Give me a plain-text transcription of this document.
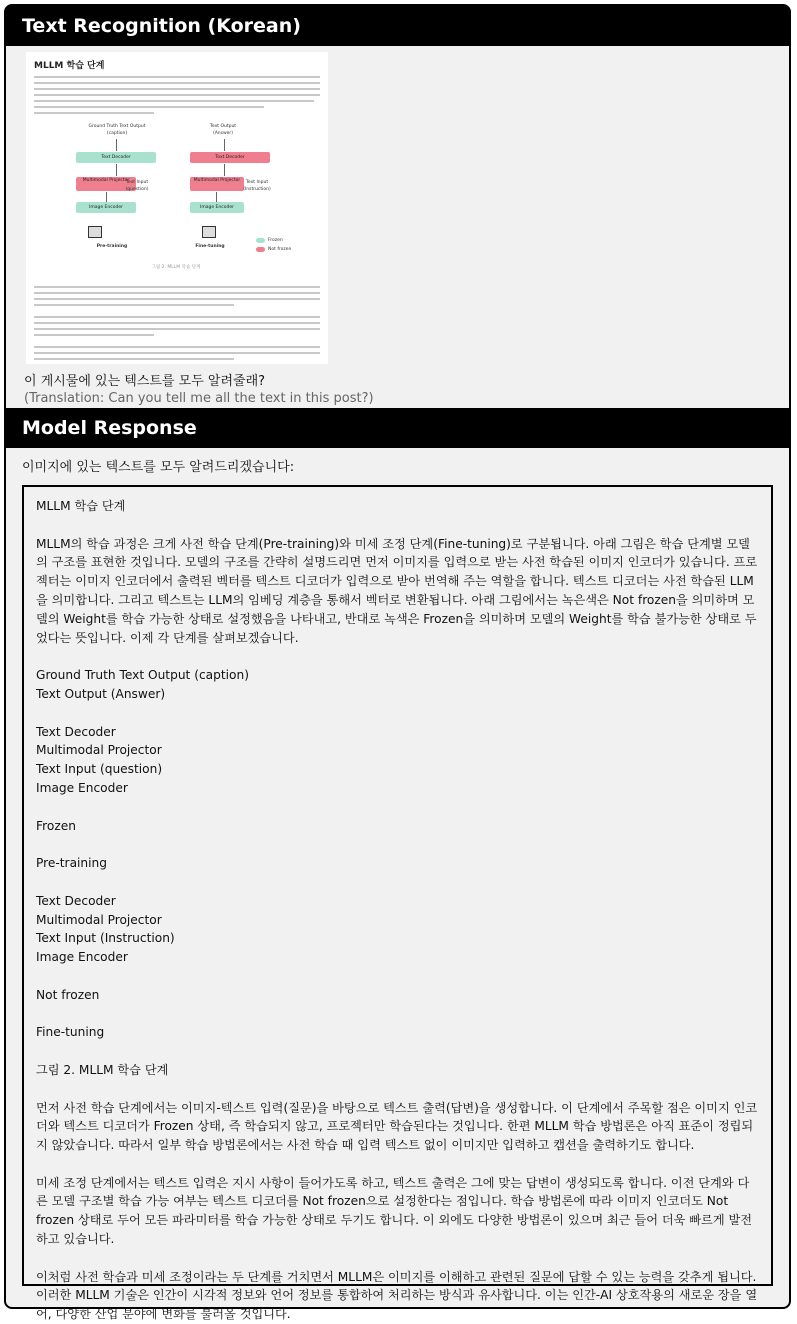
Text Recognition (Korean)
MLLM 학습 단계
Ground Truth Text Output
(caption)
Text Decoder
Multimodal Projector
Text Input
(question)
Image Encoder
Pre-training
Text Output
(Answer)
Text Decoder
Multimodal Projector	Text Input
(Instruction)
Image Encoder
Fine-tuning
Frozen
Not frozen
그림 2. MLLM 학습 단계
이 게시물에 있는 텍스트를 모두 알려줄래?
(Translation: Can you tell me all the text in this post?)
Model Response
이미지에 있는 텍스트를 모두 알려드리겠습니다:

MLLM 학습 단계

MLLM의 학습 과정은 크게 사전 학습 단계(Pre-training)와 미세 조정 단계(Fine-tuning)로 구분됩니다. 아래 그림은 학습 단계별 모델의 구조를 표현한 것입니다. 모델의 구조를 간략히 설명드리면 먼저 이미지를 입력으로 받는 사전 학습된 이미지 인코더가 있습니다. 프로젝터는 이미지 인코더에서 출력된 벡터를 텍스트 디코더가 입력으로 받아 번역해 주는 역할을 합니다. 텍스트 디코더는 사전 학습된 LLM을 의미합니다. 그리고 텍스트는 LLM의 임베딩 계층을 통해서 벡터로 변환됩니다. 아래 그림에서는 녹은색은 Not frozen을 의미하며 모델의 Weight를 학습 가능한 상태로 설정했음을 나타내고, 반대로 녹색은 Frozen을 의미하며 모델의 Weight를 학습 불가능한 상태로 두었다는 뜻입니다. 이제 각 단계를 살펴보겠습니다.

Ground Truth Text Output (caption)

Text Output (Answer)

Text Decoder

Multimodal Projector

Text Input (question)

Image Encoder

Frozen

Pre-training

Text Decoder

Multimodal Projector

Text Input (Instruction)

Image Encoder

Not frozen

Fine-tuning

그림 2. MLLM 학습 단계

먼저 사전 학습 단계에서는 이미지-텍스트 입력(질문)을 바탕으로 텍스트 출력(답변)을 생성합니다. 이 단계에서 주목할 점은 이미지 인코더와 텍스트 디코더가 Frozen 상태, 즉 학습되지 않고, 프로젝터만 학습된다는 것입니다. 한편 MLLM 학습 방법론은 아직 표준이 정립되지 않았습니다. 따라서 일부 학습 방법론에서는 사전 학습 때 입력 텍스트 없이 이미지만 입력하고 캡션을 출력하기도 합니다.

미세 조정 단계에서는 텍스트 입력은 지시 사항이 들어가도록 하고, 텍스트 출력은 그에 맞는 답변이 생성되도록 합니다. 이전 단계와 다른 모델 구조별 학습 가능 여부는 텍스트 디코더를 Not frozen으로 설정한다는 점입니다. 학습 방법론에 따라 이미지 인코더도 Not frozen 상태로 두어 모든 파라미터를 학습 가능한 상태로 두기도 합니다. 이 외에도 다양한 방법론이 있으며 최근 들어 더욱 빠르게 발전하고 있습니다.

이처럼 사전 학습과 미세 조정이라는 두 단계를 거치면서 MLLM은 이미지를 이해하고 관련된 질문에 답할 수 있는 능력을 갖추게 됩니다. 이러한 MLLM 기술은 인간이 시각적 정보와 언어 정보를 통합하여 처리하는 방식과 유사합니다. 이는 인간-AI 상호작용의 새로운 장을 열어, 다양한 산업 분야에 변화를 불러올 것입니다.
